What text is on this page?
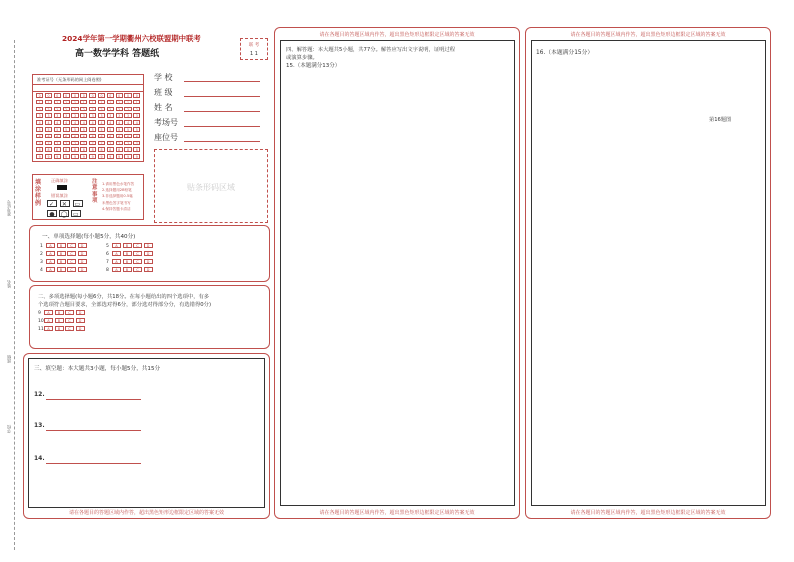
准考证号
姓名
班级
学校
2024学年第一学期衢州六校联盟期中联考
高一数学学科 答题纸
联 考
1 1
准考证号（无条形码的网上阅卷照)
0
1
2
3
4
5
6
7
8
9
0
1
2
3
4
5
6
7
8
9
0
1
2
3
4
5
6
7
8
9
0
1
2
3
4
5
6
7
8
9
0
1
2
3
4
5
6
7
8
9
0
1
2
3
4
5
6
7
8
9
0
1
2
3
4
5
6
7
8
9
0
1
2
3
4
5
6
7
8
9
0
1
2
3
4
5
6
7
8
9
0
1
2
3
4
5
6
7
8
9
0
1
2
3
4
5
6
7
8
9
0
1
2
3
4
5
6
7
8
9
学 校
班 级
姓 名
考场号
座位号
贴条形码区域
填涂样例
正确填涂
错误填涂
✓ ✕ ▭
● ◯ ▭
注意事项
1.请用黑色水笔作答
2.选择题用2B铅笔
3.非选择题用0.5毫
米黑色签字笔书写
4.保持答题卡清洁
一、单项选择题(每小题5分，共40分)
1 A B C D
2 A B C D
3 A B C D
4 A B C D
5 A B C D
6 A B C D
7 A B C D
8 A B C D
二、多项选择题(每小题6分，共18分。在每小题给出的四个选项中，有多
个选项符合题目要求，全部选对得6分，部分选对得部分分，有选错得0分)
9 A B C D
10 A B C D
11 A B C D
三、填空题：本大题共3小题，每小题5分，共15分
12.
13.
14.
请在各题目的答题区域内作答，超出黑色矩形边框限定区域的答案无效
请在各题目的答题区域内作答，超出黑色矩形边框限定区域的答案无效
四、解答题：本大题共5小题，共77分。解答应写出文字说明，证明过程
或演算步骤。
15.（本题满分13分）
请在各题目的答题区域内作答，超出黑色矩形边框限定区域的答案无效
请在各题目的答题区域内作答，超出黑色矩形边框限定区域的答案无效
16.（本题满分15分）
第16题图
请在各题目的答题区域内作答，超出黑色矩形边框限定区域的答案无效
